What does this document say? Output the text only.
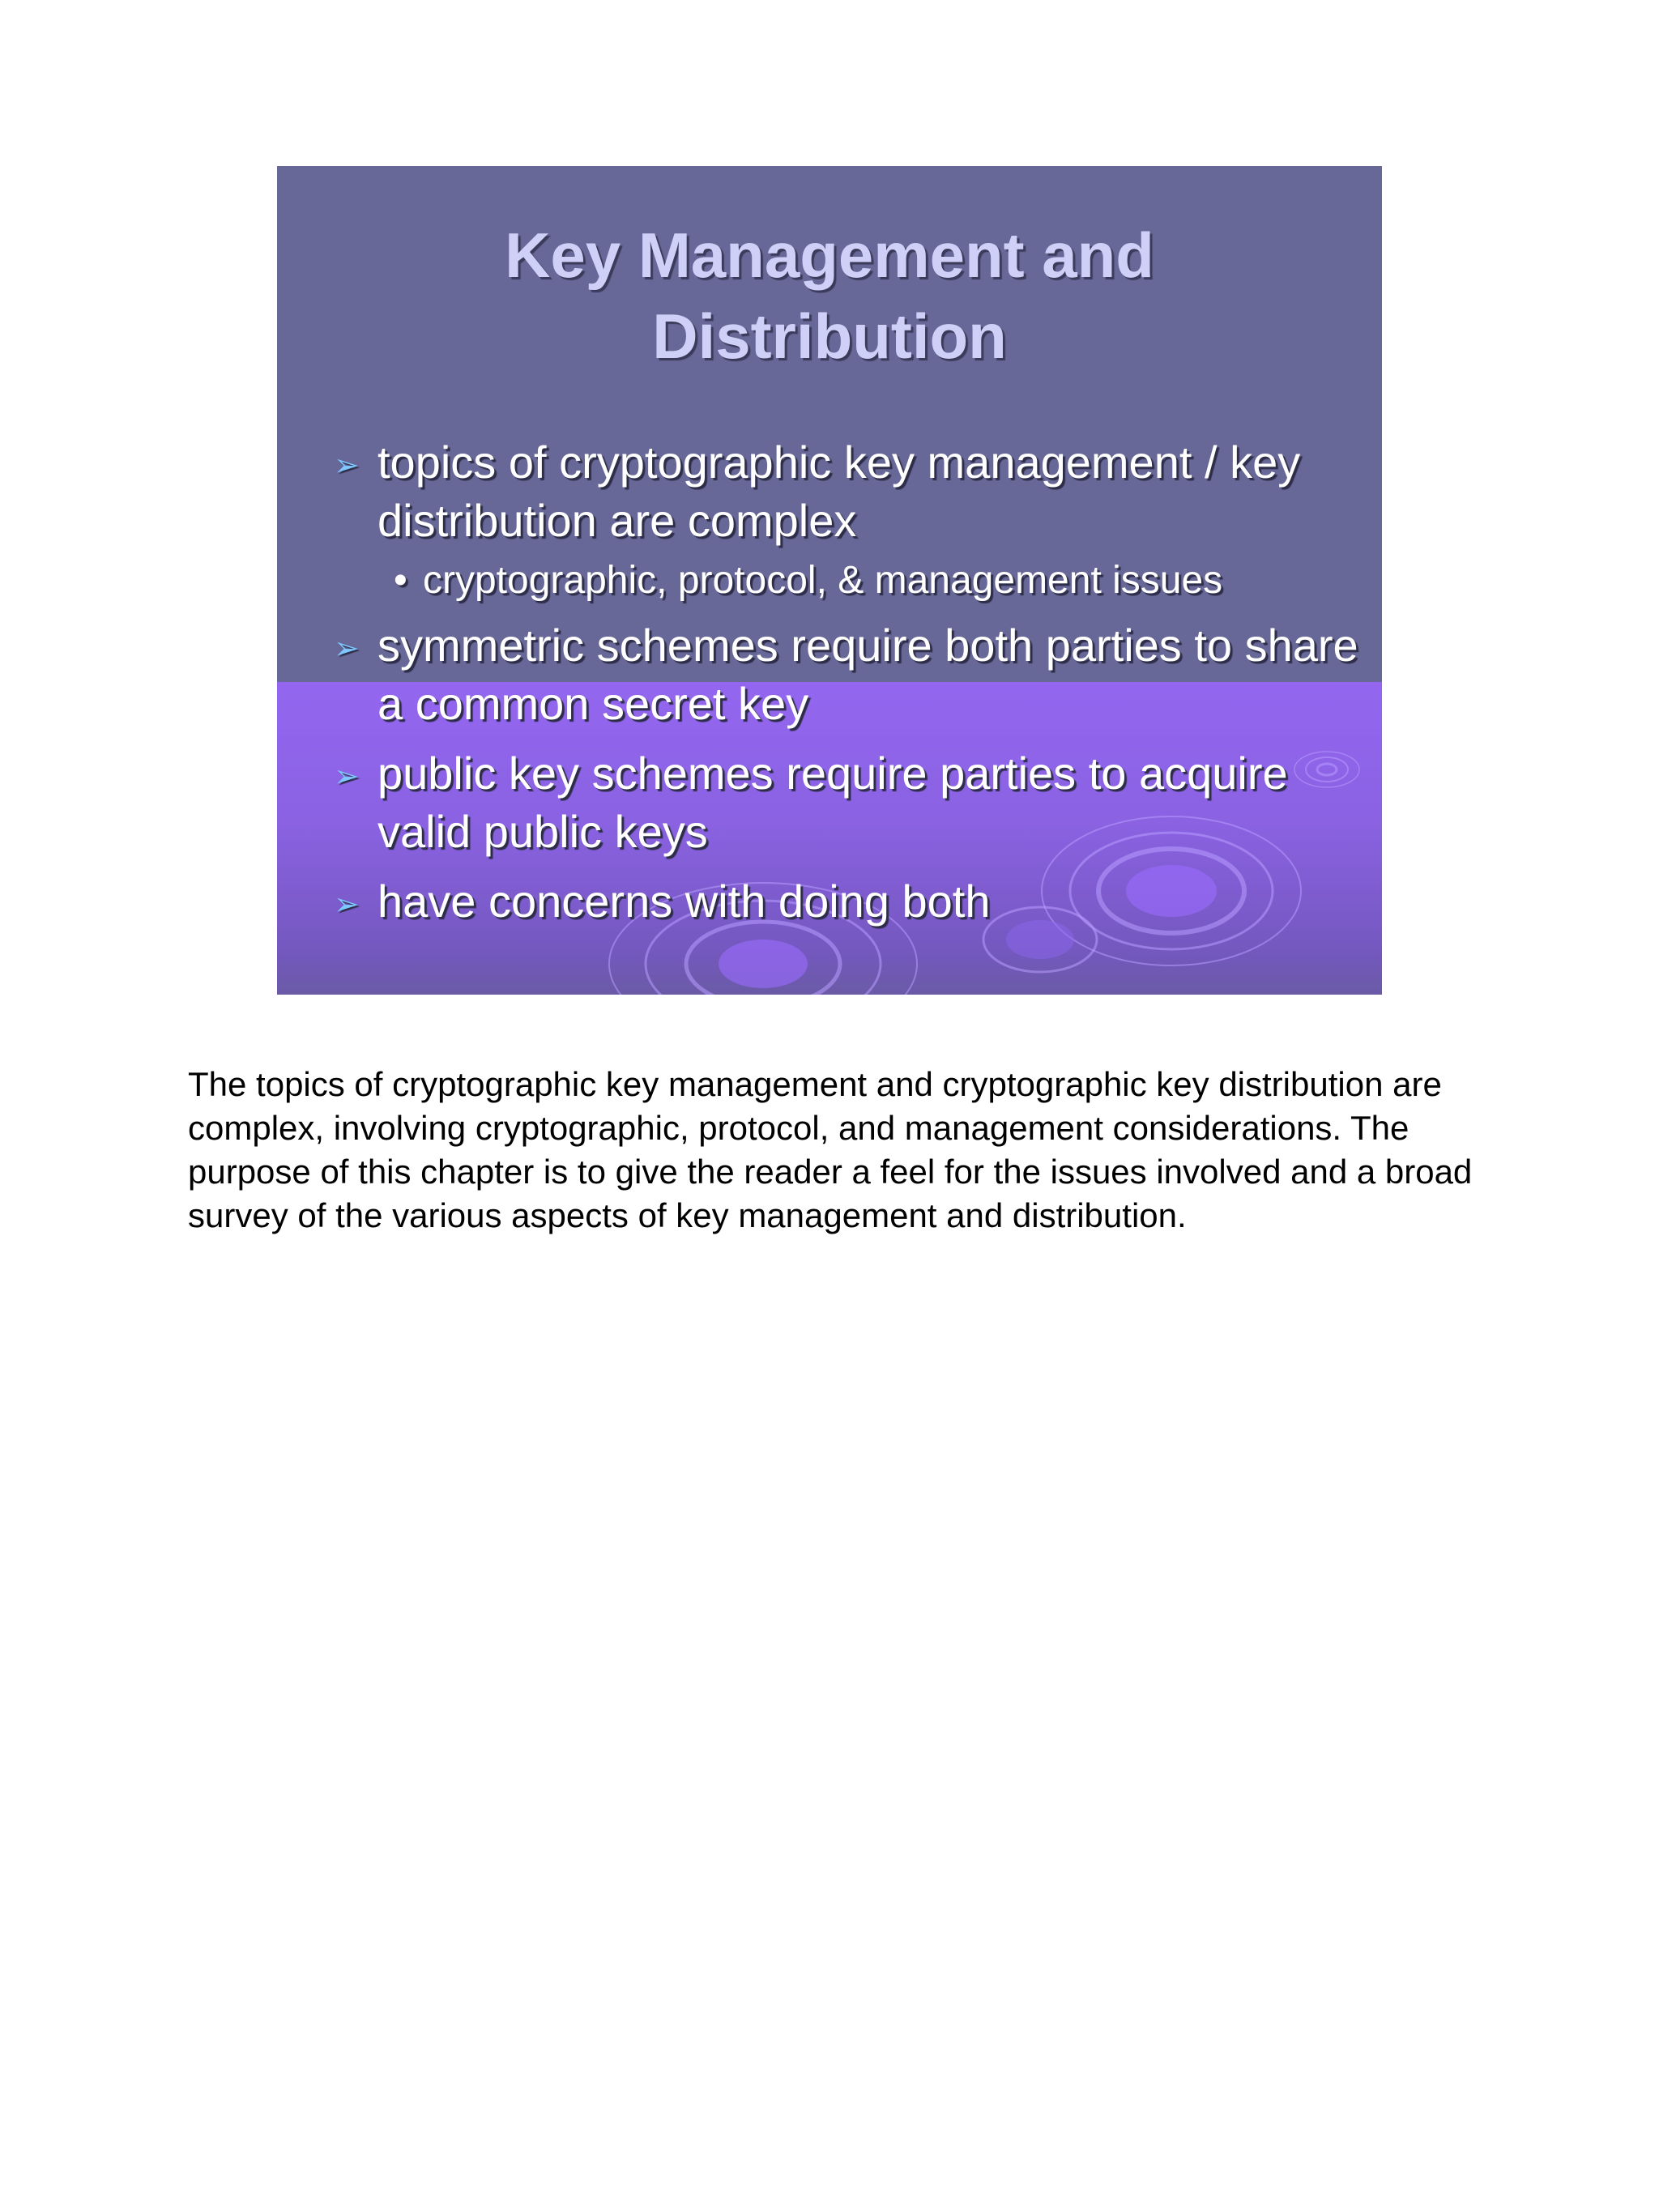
Key Management and
Distribution
➢ topics of cryptographic key management / key distribution are complex
• cryptographic, protocol, & management issues
➢ symmetric schemes require both parties to share a common secret key
➢ public key schemes require parties to acquire valid public keys
➢ have concerns with doing both

The topics of cryptographic key management and cryptographic key distribution are complex, involving cryptographic, protocol, and management considerations. The purpose of this chapter is to give the reader a feel for the issues involved and a broad survey of the various aspects of key management and distribution.
